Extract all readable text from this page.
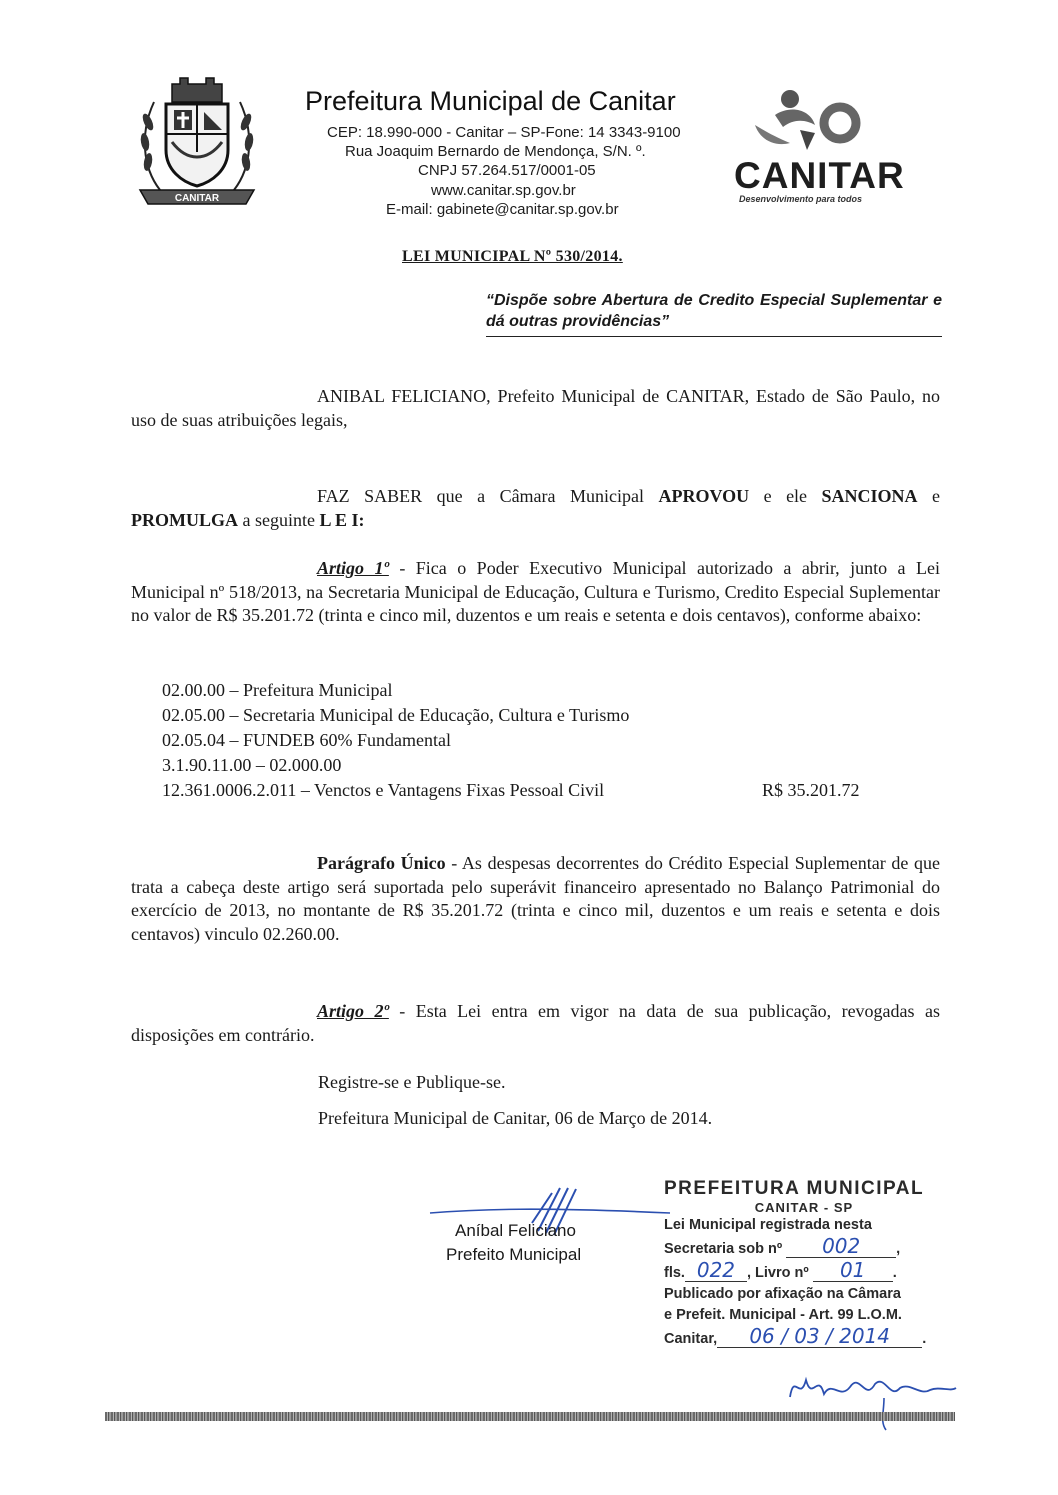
CANITAR
Prefeitura Municipal de Canitar
CEP: 18.990-000 - Canitar – SP-Fone: 14 3343-9100
Rua Joaquim Bernardo de Mendonça, S/N. º.
CNPJ 57.264.517/0001-05
www.canitar.sp.gov.br
E-mail: gabinete@canitar.sp.gov.br
CANITAR
Desenvolvimento para todos
LEI MUNICIPAL Nº 530/2014.
“Dispõe sobre Abertura de Credito Especial Suplementar e dá outras providências”
ANIBAL FELICIANO, Prefeito Municipal de CANITAR, Estado de São Paulo, no uso de suas atribuições legais,
FAZ SABER que a Câmara Municipal APROVOU e ele SANCIONA e PROMULGA a seguinte L E I:
Artigo 1º - Fica o Poder Executivo Municipal autorizado a abrir, junto a Lei Municipal nº 518/2013, na Secretaria Municipal de Educação, Cultura e Turismo, Credito Especial Suplementar no valor de R$ 35.201.72 (trinta e cinco mil, duzentos e um reais e setenta e dois centavos), conforme abaixo:
02.00.00 – Prefeitura Municipal
02.05.00 – Secretaria Municipal de Educação, Cultura e Turismo
02.05.04 – FUNDEB 60% Fundamental
3.1.90.11.00 – 02.000.00
12.361.0006.2.011 – Venctos e Vantagens Fixas Pessoal Civil	R$ 35.201.72
Parágrafo Único - As despesas decorrentes do Crédito Especial Suplementar de que trata a cabeça deste artigo será suportada pelo superávit financeiro apresentado no Balanço Patrimonial do exercício de 2013, no montante de R$ 35.201.72 (trinta e cinco mil, duzentos e um reais e setenta e dois centavos) vinculo 02.260.00.
Artigo 2º - Esta Lei entra em vigor na data de sua publicação, revogadas as disposições em contrário.
Registre-se e Publique-se.
Prefeitura Municipal de Canitar, 06 de Março de 2014.
Aníbal Feliciano
Prefeito Municipal
PREFEITURA MUNICIPAL
CANITAR - SP
Lei Municipal registrada nesta
Secretaria sob nº 002 ,
fls. 022 , Livro nº 01 .
Publicado por afixação na Câmara
e Prefeit. Municipal - Art. 99 L.O.M.
Canitar, 06 / 03 / 2014 .
